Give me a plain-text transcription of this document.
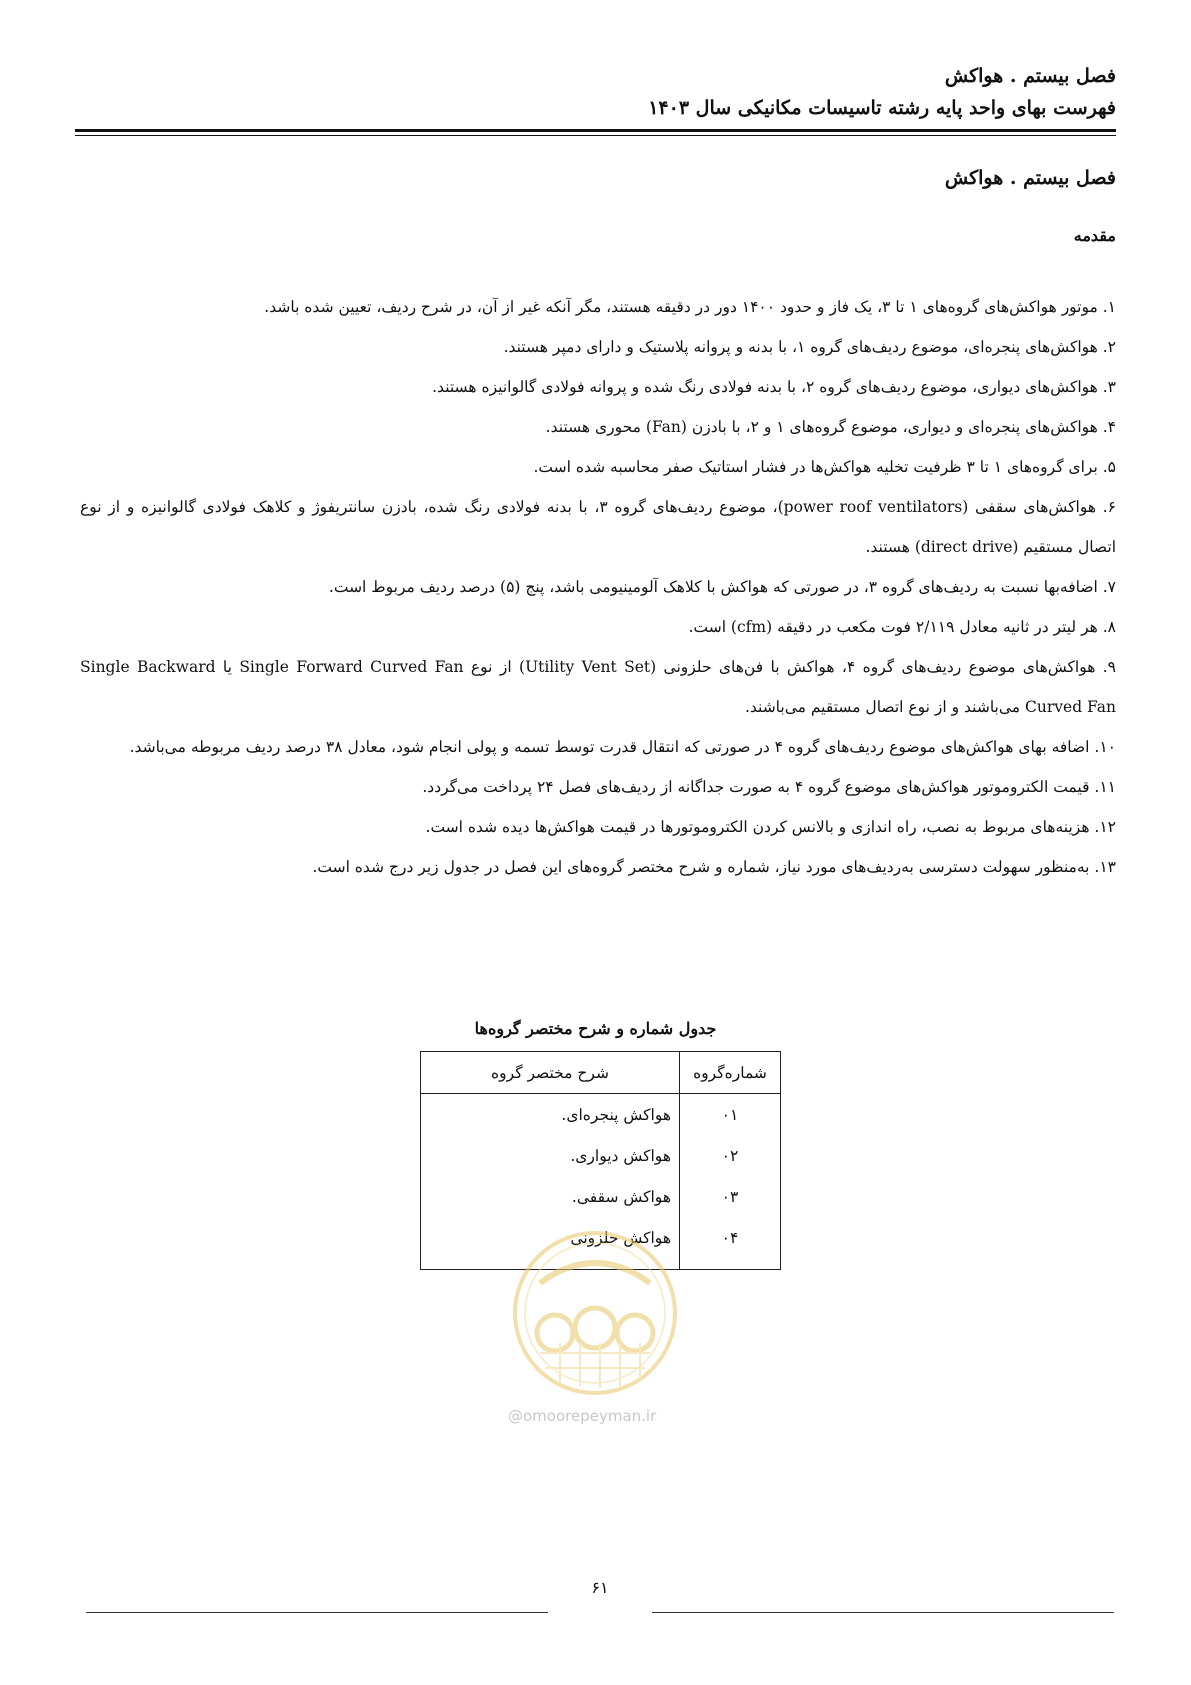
فصل بیستم . هواکش
فهرست بهای واحد پایه رشته تاسیسات مکانیکی سال ۱۴۰۳
فصل بیستم . هواکش
مقدمه

۱. موتور هواکش‌های گروه‌های ۱ تا ۳، یک فاز و حدود ۱۴۰۰ دور در دقیقه هستند، مگر آنکه غیر از آن، در شرح ردیف، تعیین شده باشد.

۲. هواکش‌های پنجره‌ای، موضوع ردیف‌های گروه ۱، با بدنه و پروانه پلاستیک و دارای دمپر هستند.

۳. هواکش‌های دیواری، موضوع ردیف‌های گروه ۲، با بدنه فولادی رنگ شده و پروانه فولادی گالوانیزه هستند.

۴. هواکش‌های پنجره‌ای و دیواری، موضوع گروه‌های ۱ و ۲، با بادزن (Fan) محوری هستند.

۵. برای گروه‌های ۱ تا ۳ ظرفیت تخلیه هواکش‌ها در فشار استاتیک صفر محاسبه شده است.

۶. هواکش‌های سقفی (power roof ventilators)، موضوع ردیف‌های گروه ۳، با بدنه فولادی رنگ شده، بادزن سانتریفوژ و کلاهک فولادی گالوانیزه و از نوع اتصال مستقیم (direct drive) هستند.

۷. اضافه‌بها نسبت به ردیف‌های گروه ۳، در صورتی که هواکش با کلاهک آلومینیومی باشد، پنج (۵) درصد ردیف مربوط است.

۸. هر لیتر در ثانیه معادل ۲/۱۱۹ فوت مکعب در دقیقه (cfm) است.

۹. هواکش‌های موضوع ردیف‌های گروه ۴، هواکش با فن‌های حلزونی (Utility Vent Set) از نوع Single Forward Curved Fan یا Single Backward Curved Fan می‌باشند و از نوع اتصال مستقیم می‌باشند.

۱۰. اضافه بهای هواکش‌های موضوع ردیف‌های گروه ۴ در صورتی که انتقال قدرت توسط تسمه و پولی انجام شود، معادل ۳۸ درصد ردیف مربوطه می‌باشد.

۱۱. قیمت الکتروموتور هواکش‌های موضوع گروه ۴ به صورت جداگانه از ردیف‌های فصل ۲۴ پرداخت می‌گردد.

۱۲. هزینه‌های مربوط به نصب، راه اندازی و بالانس کردن الکتروموتورها در قیمت هواکش‌ها دیده شده است.

۱۳. به‌منظور سهولت دسترسی به‌ردیف‌های مورد نیاز، شماره و شرح مختصر گروه‌های این فصل در جدول زیر درج شده است.

جدول شماره و شرح مختصر گروه‌ها
شماره‌گروه	شرح مختصر گروه
۰۱	هواکش پنجره‌ای.
۰۲	هواکش دیواری.
۰۳	هواکش سقفی.
۰۴	هواکش حلزونی
@omoorepeyman.ir
۶۱
